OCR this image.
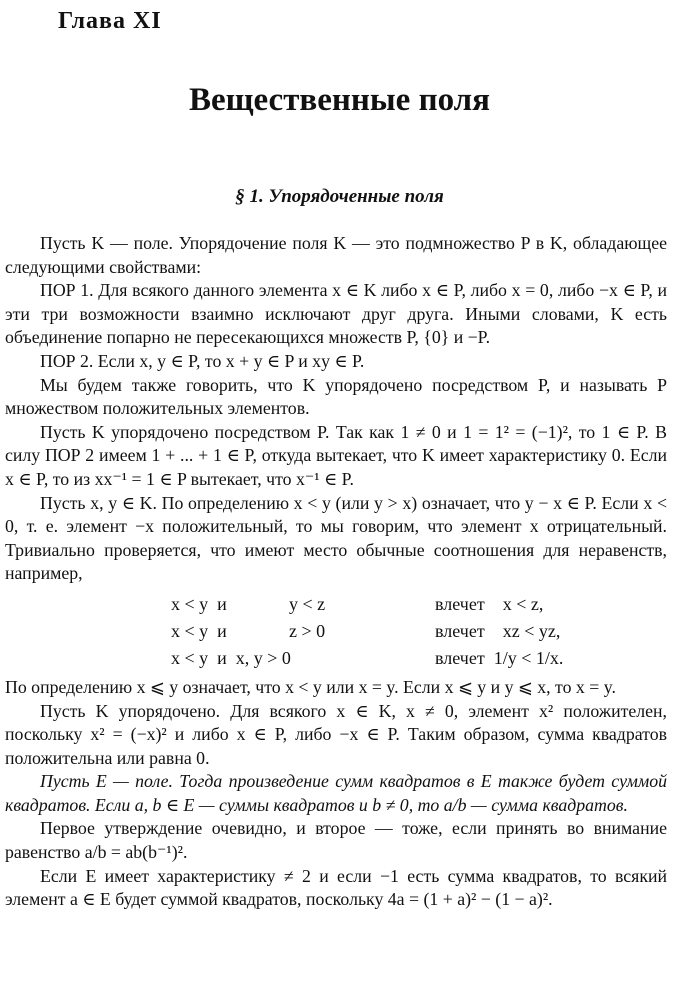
Глава XI
Вещественные поля
§ 1. Упорядоченные поля

Пусть K — поле. Упорядочение поля K — это подмножество P в K, обладающее следующими свойствами:

ПОР 1. Для всякого данного элемента x ∈ K либо x ∈ P, либо x = 0, либо −x ∈ P, и эти три возможности взаимно исключают друг друга. Иными словами, K есть объединение попарно не пересекающихся множеств P, {0} и −P.

ПОР 2. Если x, y ∈ P, то x + y ∈ P и xy ∈ P.

Мы будем также говорить, что K упорядочено посредством P, и называть P множеством положительных элементов.

Пусть K упорядочено посредством P. Так как 1 ≠ 0 и 1 = 1² = (−1)², то 1 ∈ P. В силу ПОР 2 имеем 1 + ... + 1 ∈ P, откуда вытекает, что K имеет характеристику 0. Если x ∈ P, то из xx⁻¹ = 1 ∈ P вытекает, что x⁻¹ ∈ P.

Пусть x, y ∈ K. По определению x < y (или y > x) означает, что y − x ∈ P. Если x < 0, т. е. элемент −x положительный, то мы говорим, что элемент x отрицательный. Тривиально проверяется, что имеют место обычные соотношения для неравенств, например,

x < y  и	y < z	влечет x < z,
x < y  и	z > 0	влечет xz < yz,
x < y  и  x, y > 0	влечет 1/y < 1/x.

По определению x ⩽ y означает, что x < y или x = y. Если x ⩽ y и y ⩽ x, то x = y.

Пусть K упорядочено. Для всякого x ∈ K, x ≠ 0, элемент x² положителен, поскольку x² = (−x)² и либо x ∈ P, либо −x ∈ P. Таким образом, сумма квадратов положительна или равна 0.

Пусть E — поле. Тогда произведение сумм квадратов в E также будет суммой квадратов. Если a, b ∈ E — суммы квадратов и b ≠ 0, то a/b — сумма квадратов.

Первое утверждение очевидно, и второе — тоже, если принять во внимание равенство a/b = ab(b⁻¹)².

Если E имеет характеристику ≠ 2 и если −1 есть сумма квадратов, то всякий элемент a ∈ E будет суммой квадратов, поскольку 4a = (1 + a)² − (1 − a)².
